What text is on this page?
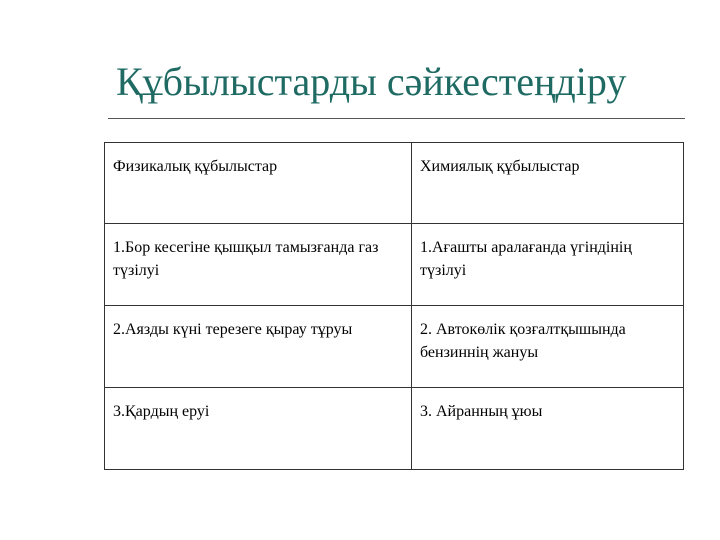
Құбылыстарды сәйкестеңдіру
Физикалық құбылыстар	Химиялық құбылыстар
1.Бор кесегіне қышқыл тамызғанда газ түзілуі	1.Ағашты аралағанда үгіндінің түзілуі
2.Аязды күні терезеге қырау тұруы	2. Автокөлік қозғалтқышында бензиннің жануы
3.Қардың еруі	3. Айранның ұюы
